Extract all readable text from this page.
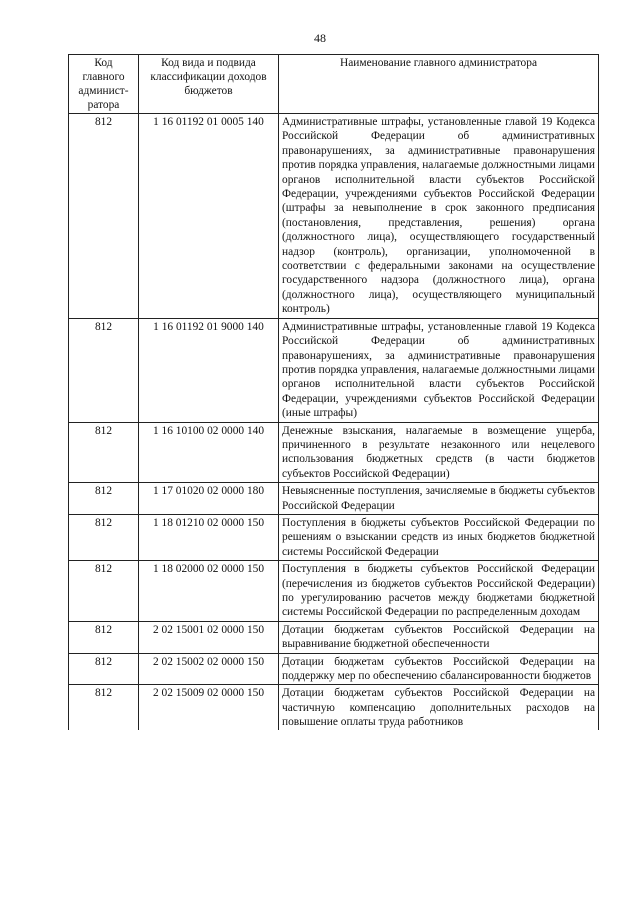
48
Код главного админист-ратора	Код вида и подвида классификации доходов бюджетов	Наименование главного администратора
812	1 16 01192 01 0005 140	Административные штрафы, установленные главой 19 Кодекса Российской Федерации об административных правонарушениях, за административные правонарушения против порядка управления, налагаемые должностными лицами органов исполнительной власти субъектов Российской Федерации, учреждениями субъектов Российской Федерации (штрафы за невыполнение в срок законного предписания (постановления, представления, решения) органа (должностного лица), осуществляющего государственный надзор (контроль), организации, уполномоченной в соответствии с федеральными законами на осуществление государственного надзора (должностного лица), органа (должностного лица), осуществляющего муниципальный контроль)
812	1 16 01192 01 9000 140	Административные штрафы, установленные главой 19 Кодекса Российской Федерации об административных правонарушениях, за административные правонарушения против порядка управления, налагаемые должностными лицами органов исполнительной власти субъектов Российской Федерации, учреждениями субъектов Российской Федерации (иные штрафы)
812	1 16 10100 02 0000 140	Денежные взыскания, налагаемые в возмещение ущерба, причиненного в результате незаконного или нецелевого использования бюджетных средств (в части бюджетов субъектов Российской Федерации)
812	1 17 01020 02 0000 180	Невыясненные поступления, зачисляемые в бюджеты субъектов Российской Федерации
812	1 18 01210 02 0000 150	Поступления в бюджеты субъектов Российской Федерации по решениям о взыскании средств из иных бюджетов бюджетной системы Российской Федерации
812	1 18 02000 02 0000 150	Поступления в бюджеты субъектов Российской Федерации (перечисления из бюджетов субъектов Российской Федерации) по урегулированию расчетов между бюджетами бюджетной системы Российской Федерации по распределенным доходам
812	2 02 15001 02 0000 150	Дотации бюджетам субъектов Российской Федерации на выравнивание бюджетной обеспеченности
812	2 02 15002 02 0000 150	Дотации бюджетам субъектов Российской Федерации на поддержку мер по обеспечению сбалансированности бюджетов
812	2 02 15009 02 0000 150	Дотации бюджетам субъектов Российской Федерации на частичную компенсацию дополнительных расходов на повышение оплаты труда работников
